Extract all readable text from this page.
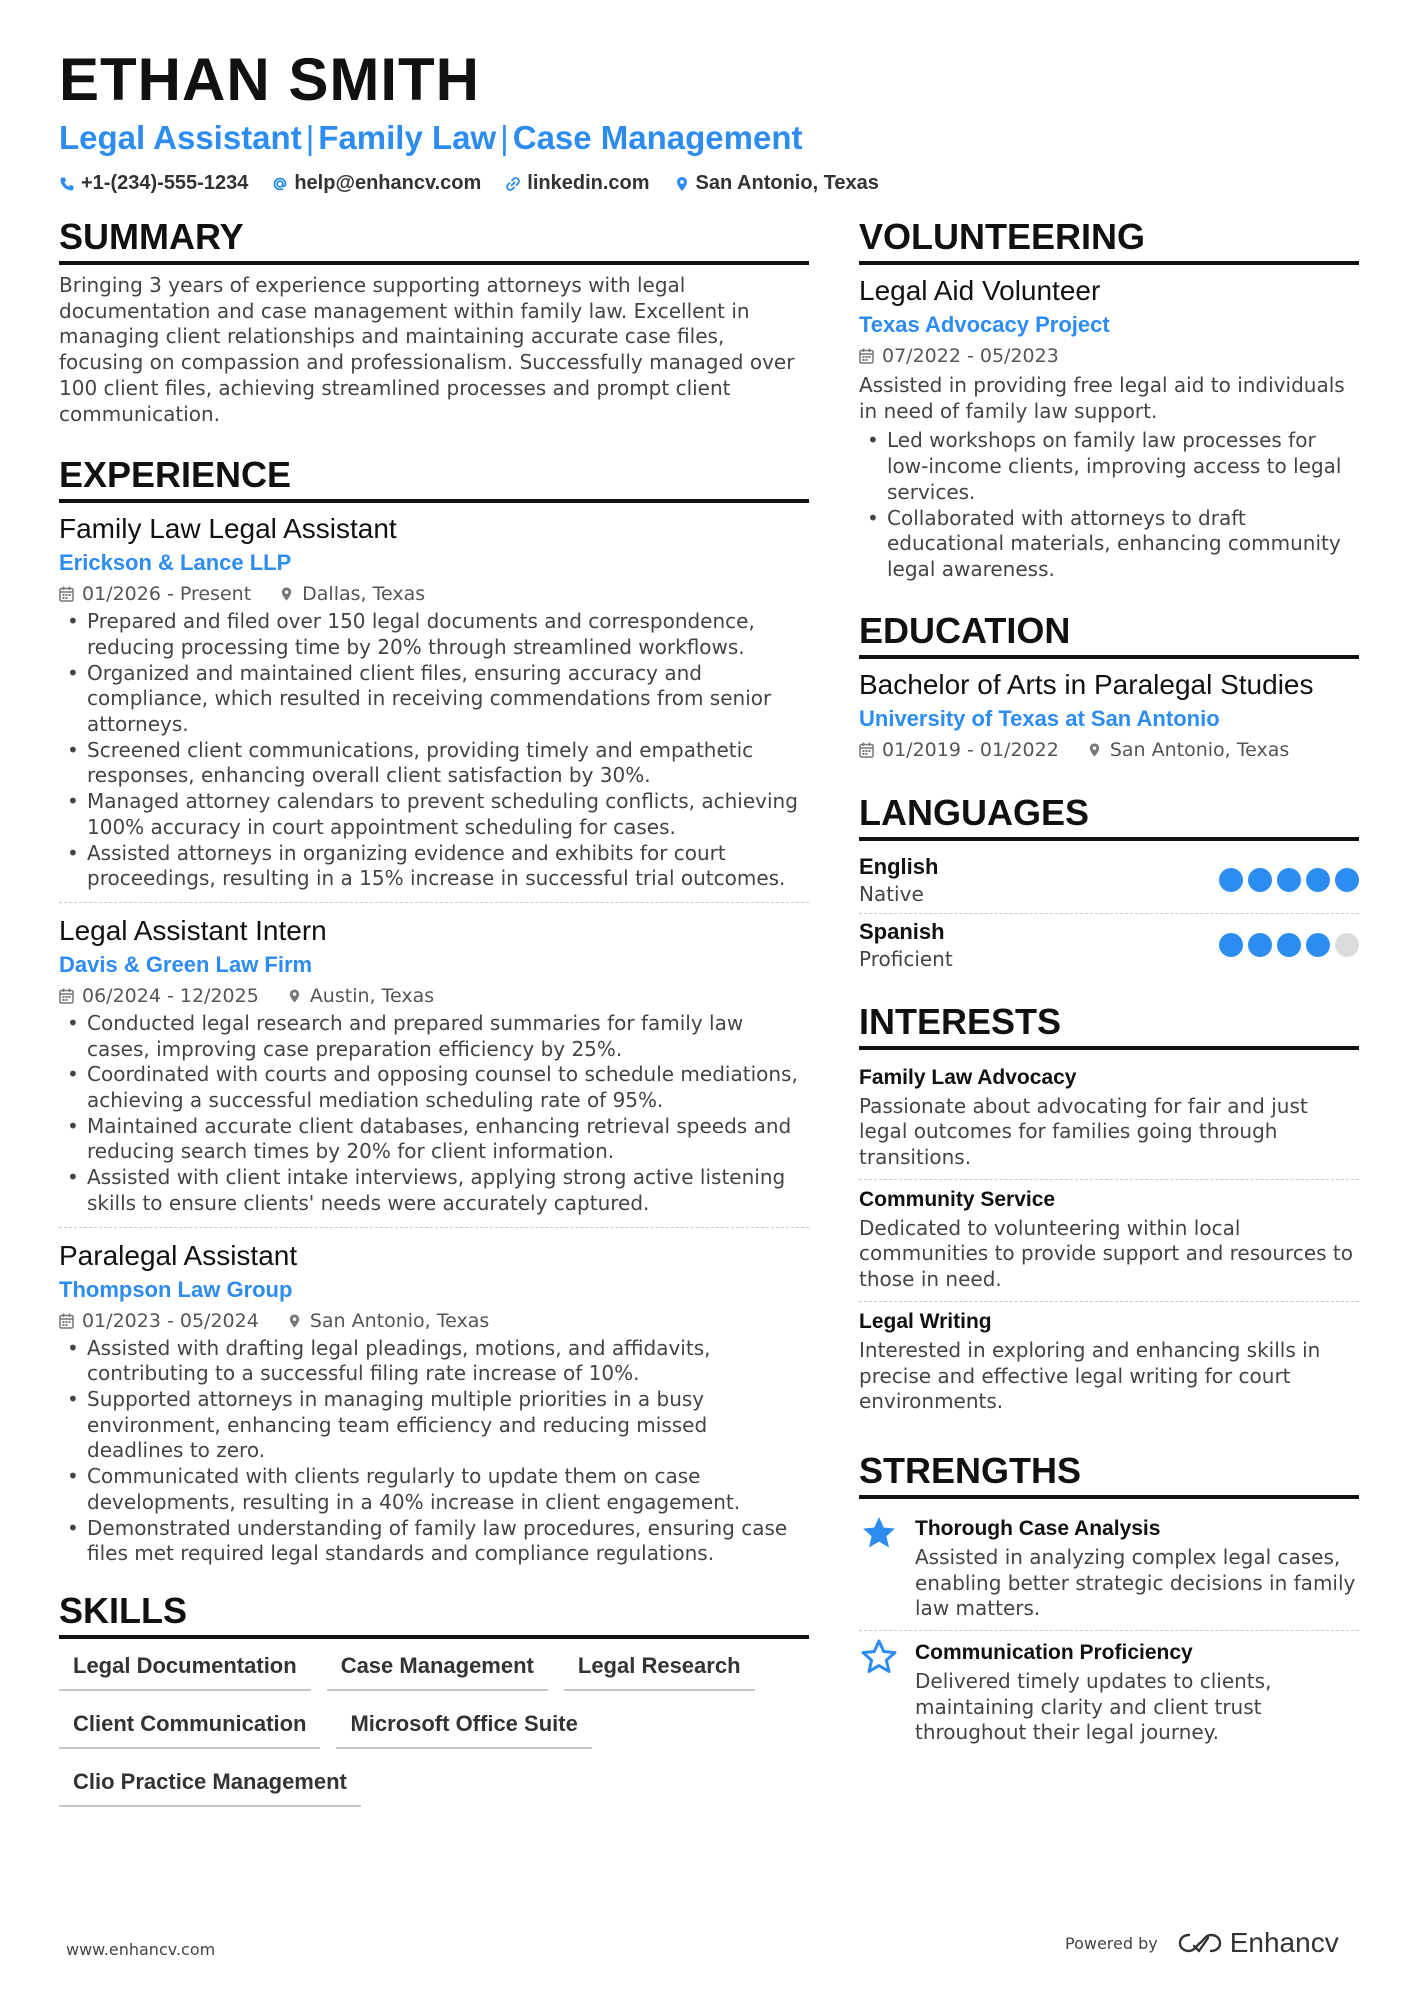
ETHAN SMITH
Legal Assistant | Family Law | Case Management
+1-(234)-555-1234 help@enhancv.com linkedin.com San Antonio, Texas
SUMMARY
Bringing 3 years of experience supporting attorneys with legal documentation and case management within family law. Excellent in managing client relationships and maintaining accurate case files, focusing on compassion and professionalism. Successfully managed over 100 client files, achieving streamlined processes and prompt client communication.
EXPERIENCE
Family Law Legal Assistant
Erickson & Lance LLP
01/2026 - Present	Dallas, Texas
• Prepared and filed over 150 legal documents and correspondence, reducing processing time by 20% through streamlined workflows.
• Organized and maintained client files, ensuring accuracy and compliance, which resulted in receiving commendations from senior attorneys.
• Screened client communications, providing timely and empathetic responses, enhancing overall client satisfaction by 30%.
• Managed attorney calendars to prevent scheduling conflicts, achieving 100% accuracy in court appointment scheduling for cases.
• Assisted attorneys in organizing evidence and exhibits for court proceedings, resulting in a 15% increase in successful trial outcomes.
Legal Assistant Intern
Davis & Green Law Firm
06/2024 - 12/2025	Austin, Texas
• Conducted legal research and prepared summaries for family law cases, improving case preparation efficiency by 25%.
• Coordinated with courts and opposing counsel to schedule mediations, achieving a successful mediation scheduling rate of 95%.
• Maintained accurate client databases, enhancing retrieval speeds and reducing search times by 20% for client information.
• Assisted with client intake interviews, applying strong active listening skills to ensure clients' needs were accurately captured.
Paralegal Assistant
Thompson Law Group
01/2023 - 05/2024	San Antonio, Texas
• Assisted with drafting legal pleadings, motions, and affidavits, contributing to a successful filing rate increase of 10%.
• Supported attorneys in managing multiple priorities in a busy environment, enhancing team efficiency and reducing missed deadlines to zero.
• Communicated with clients regularly to update them on case developments, resulting in a 40% increase in client engagement.
• Demonstrated understanding of family law procedures, ensuring case files met required legal standards and compliance regulations.
SKILLS
Legal Documentation	Case Management	Legal Research
Client Communication	Microsoft Office Suite
Clio Practice Management
VOLUNTEERING
Legal Aid Volunteer
Texas Advocacy Project
07/2022 - 05/2023
Assisted in providing free legal aid to individuals in need of family law support.
• Led workshops on family law processes for low-income clients, improving access to legal services.
• Collaborated with attorneys to draft educational materials, enhancing community legal awareness.
EDUCATION
Bachelor of Arts in Paralegal Studies
University of Texas at San Antonio
01/2019 - 01/2022	San Antonio, Texas
LANGUAGES
English
Native
Spanish
Proficient
INTERESTS
Family Law Advocacy
Passionate about advocating for fair and just legal outcomes for families going through transitions.
Community Service
Dedicated to volunteering within local communities to provide support and resources to those in need.
Legal Writing
Interested in exploring and enhancing skills in precise and effective legal writing for court environments.
STRENGTHS
Thorough Case Analysis
Assisted in analyzing complex legal cases, enabling better strategic decisions in family law matters.
Communication Proficiency
Delivered timely updates to clients, maintaining clarity and client trust throughout their legal journey.
www.enhancv.com	Powered by	Enhancv
